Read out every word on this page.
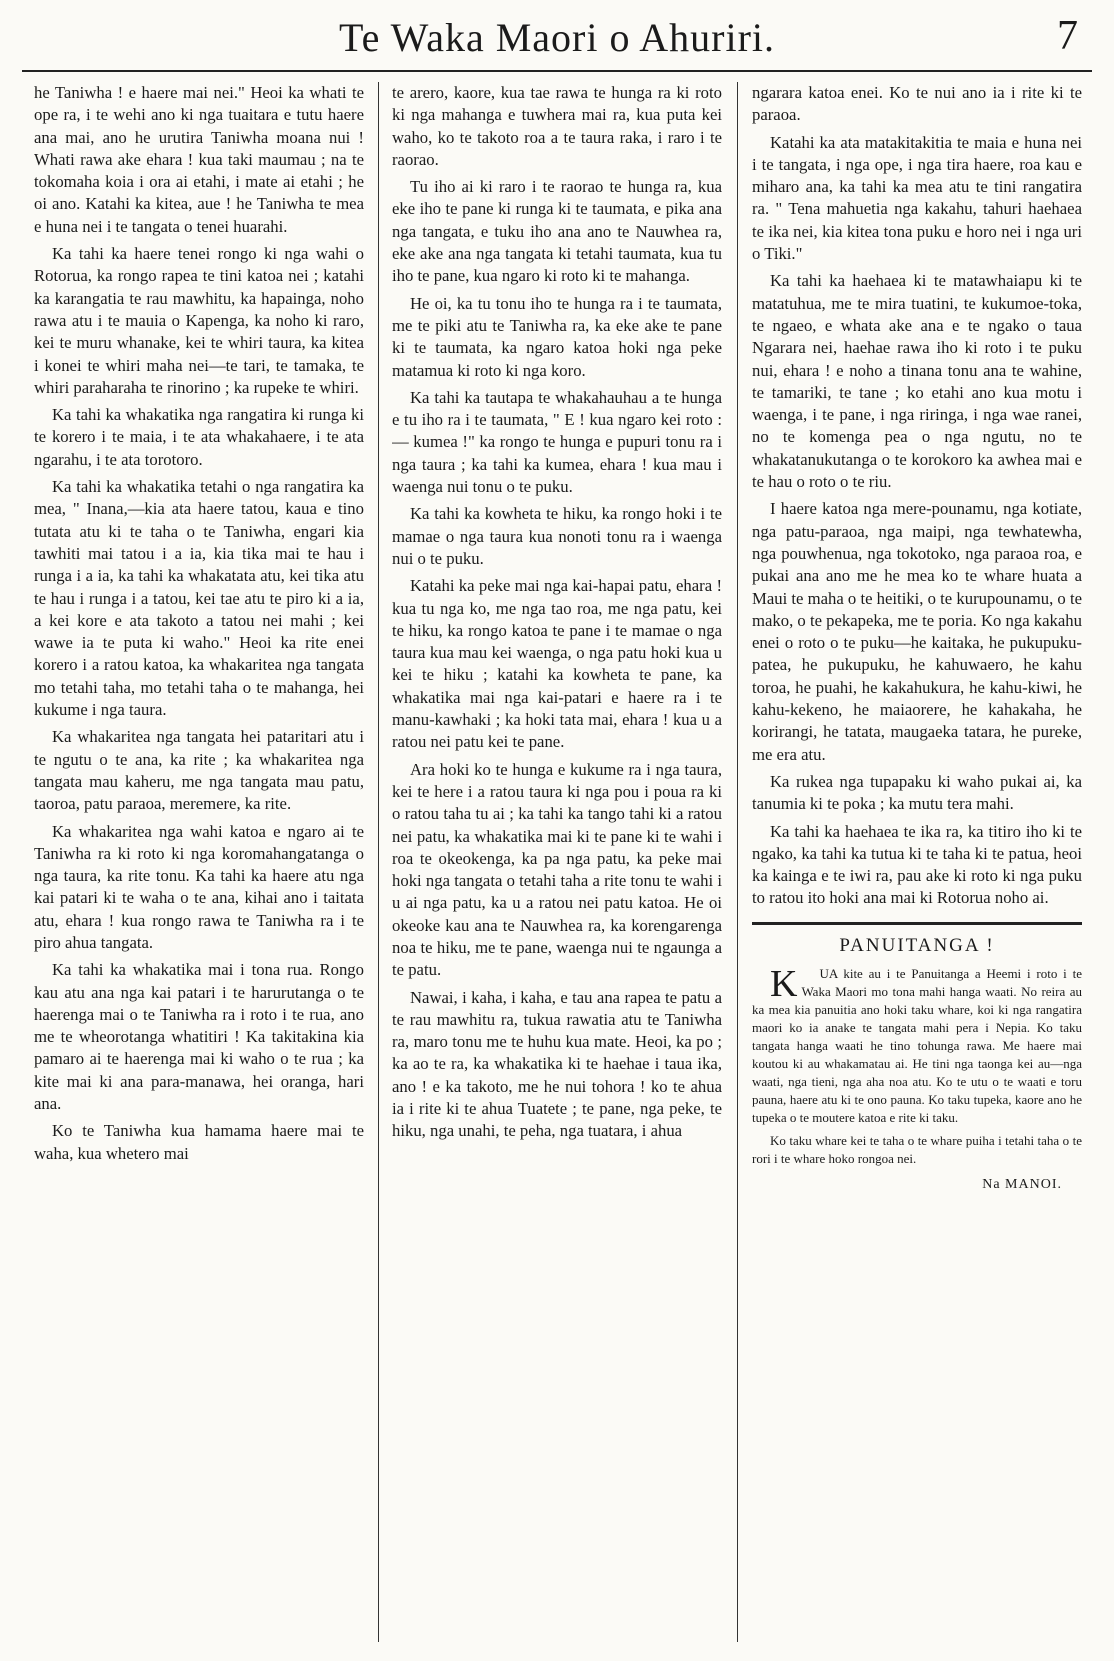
Te Waka Maori o Ahuriri.	7

he Taniwha ! e haere mai nei." Heoi ka whati te ope ra, i te wehi ano ki nga tuaitara e tutu haere ana mai, ano he urutira Taniwha moana nui ! Whati rawa ake ehara ! kua taki maumau ; na te tokomaha koia i ora ai etahi, i mate ai etahi ; he oi ano. Katahi ka kitea, aue ! he Taniwha te mea e huna nei i te tangata o tenei huarahi.

Ka tahi ka haere tenei rongo ki nga wahi o Rotorua, ka rongo rapea te tini katoa nei ; katahi ka karangatia te rau mawhitu, ka hapainga, noho rawa atu i te mauia o Kapenga, ka noho ki raro, kei te muru whanake, kei te whiri taura, ka kitea i konei te whiri maha nei—te tari, te tamaka, te whiri paraharaha te rinorino ; ka rupeke te whiri.

Ka tahi ka whakatika nga rangatira ki runga ki te korero i te maia, i te ata whakahaere, i te ata ngarahu, i te ata torotoro.

Ka tahi ka whakatika tetahi o nga rangatira ka mea, " Inana,—kia ata haere tatou, kaua e tino tutata atu ki te taha o te Taniwha, engari kia tawhiti mai tatou i a ia, kia tika mai te hau i runga i a ia, ka tahi ka whakatata atu, kei tika atu te hau i runga i a tatou, kei tae atu te piro ki a ia, a kei kore e ata takoto a tatou nei mahi ; kei wawe ia te puta ki waho." Heoi ka rite enei korero i a ratou katoa, ka whakaritea nga tangata mo tetahi taha, mo tetahi taha o te mahanga, hei kukume i nga taura.

Ka whakaritea nga tangata hei pataritari atu i te ngutu o te ana, ka rite ; ka whakaritea nga tangata mau kaheru, me nga tangata mau patu, taoroa, patu paraoa, meremere, ka rite.

Ka whakaritea nga wahi katoa e ngaro ai te Taniwha ra ki roto ki nga koromahangatanga o nga taura, ka rite tonu. Ka tahi ka haere atu nga kai patari ki te waha o te ana, kihai ano i taitata atu, ehara ! kua rongo rawa te Taniwha ra i te piro ahua tangata.

Ka tahi ka whakatika mai i tona rua. Rongo kau atu ana nga kai patari i te harurutanga o te haerenga mai o te Taniwha ra i roto i te rua, ano me te wheorotanga whatitiri ! Ka takitakina kia pamaro ai te haerenga mai ki waho o te rua ; ka kite mai ki ana para-manawa, hei oranga, hari ana.

Ko te Taniwha kua hamama haere mai te waha, kua whetero mai

te arero, kaore, kua tae rawa te hunga ra ki roto ki nga mahanga e tuwhera mai ra, kua puta kei waho, ko te takoto roa a te taura raka, i raro i te raorao.

Tu iho ai ki raro i te raorao te hunga ra, kua eke iho te pane ki runga ki te taumata, e pika ana nga tangata, e tuku iho ana ano te Nauwhea ra, eke ake ana nga tangata ki tetahi taumata, kua tu iho te pane, kua ngaro ki roto ki te mahanga.

He oi, ka tu tonu iho te hunga ra i te taumata, me te piki atu te Taniwha ra, ka eke ake te pane ki te taumata, ka ngaro katoa hoki nga peke matamua ki roto ki nga koro.

Ka tahi ka tautapa te whakahauhau a te hunga e tu iho ra i te taumata, " E ! kua ngaro kei roto :— kumea !" ka rongo te hunga e pupuri tonu ra i nga taura ; ka tahi ka kumea, ehara ! kua mau i waenga nui tonu o te puku.

Ka tahi ka kowheta te hiku, ka rongo hoki i te mamae o nga taura kua nonoti tonu ra i waenga nui o te puku.

Katahi ka peke mai nga kai-hapai patu, ehara ! kua tu nga ko, me nga tao roa, me nga patu, kei te hiku, ka rongo katoa te pane i te mamae o nga taura kua mau kei waenga, o nga patu hoki kua u kei te hiku ; katahi ka kowheta te pane, ka whakatika mai nga kai-patari e haere ra i te manu-kawhaki ; ka hoki tata mai, ehara ! kua u a ratou nei patu kei te pane.

Ara hoki ko te hunga e kukume ra i nga taura, kei te here i a ratou taura ki nga pou i poua ra ki o ratou taha tu ai ; ka tahi ka tango tahi ki a ratou nei patu, ka whakatika mai ki te pane ki te wahi i roa te okeokenga, ka pa nga patu, ka peke mai hoki nga tangata o tetahi taha a rite tonu te wahi i u ai nga patu, ka u a ratou nei patu katoa. He oi okeoke kau ana te Nauwhea ra, ka korengarenga noa te hiku, me te pane, waenga nui te ngaunga a te patu.

Nawai, i kaha, i kaha, e tau ana rapea te patu a te rau mawhitu ra, tukua rawatia atu te Taniwha ra, maro tonu me te huhu kua mate. Heoi, ka po ; ka ao te ra, ka whakatika ki te haehae i taua ika, ano ! e ka takoto, me he nui tohora ! ko te ahua ia i rite ki te ahua Tuatete ; te pane, nga peke, te hiku, nga unahi, te peha, nga tuatara, i ahua

ngarara katoa enei. Ko te nui ano ia i rite ki te paraoa.

Katahi ka ata matakitakitia te maia e huna nei i te tangata, i nga ope, i nga tira haere, roa kau e miharo ana, ka tahi ka mea atu te tini rangatira ra. " Tena mahuetia nga kakahu, tahuri haehaea te ika nei, kia kitea tona puku e horo nei i nga uri o Tiki."

Ka tahi ka haehaea ki te matawhaiapu ki te matatuhua, me te mira tuatini, te kukumoe-toka, te ngaeo, e whata ake ana e te ngako o taua Ngarara nei, haehae rawa iho ki roto i te puku nui, ehara ! e noho a tinana tonu ana te wahine, te tamariki, te tane ; ko etahi ano kua motu i waenga, i te pane, i nga riringa, i nga wae ranei, no te komenga pea o nga ngutu, no te whakatanukutanga o te korokoro ka awhea mai e te hau o roto o te riu.

I haere katoa nga mere-pounamu, nga kotiate, nga patu-paraoa, nga maipi, nga tewhatewha, nga pouwhenua, nga tokotoko, nga paraoa roa, e pukai ana ano me he mea ko te whare huata a Maui te maha o te heitiki, o te kurupounamu, o te mako, o te pekapeka, me te poria. Ko nga kakahu enei o roto o te puku—he kaitaka, he pukupuku-patea, he pukupuku, he kahuwaero, he kahu toroa, he puahi, he kakahukura, he kahu-kiwi, he kahu-kekeno, he maiaorere, he kahakaha, he korirangi, he tatata, maugaeka tatara, he pureke, me era atu.

Ka rukea nga tupapaku ki waho pukai ai, ka tanumia ki te poka ; ka mutu tera mahi.

Ka tahi ka haehaea te ika ra, ka titiro iho ki te ngako, ka tahi ka tutua ki te taha ki te patua, heoi ka kainga e te iwi ra, pau ake ki roto ki nga puku to ratou ito hoki ana mai ki Rotorua noho ai.

PANUITANGA !

K UA kite au i te Panuitanga a Heemi i roto i te Waka Maori mo tona mahi hanga waati. No reira au ka mea kia panuitia ano hoki taku whare, koi ki nga rangatira maori ko ia anake te tangata mahi pera i Nepia. Ko taku tangata hanga waati he tino tohunga rawa. Me haere mai koutou ki au whakamatau ai. He tini nga taonga kei au—nga waati, nga tieni, nga aha noa atu. Ko te utu o te waati e toru pauna, haere atu ki te ono pauna. Ko taku tupeka, kaore ano he tupeka o te moutere katoa e rite ki taku.

Ko taku whare kei te taha o te whare puiha i tetahi taha o te rori i te whare hoko rongoa nei.

Na MANOI.
